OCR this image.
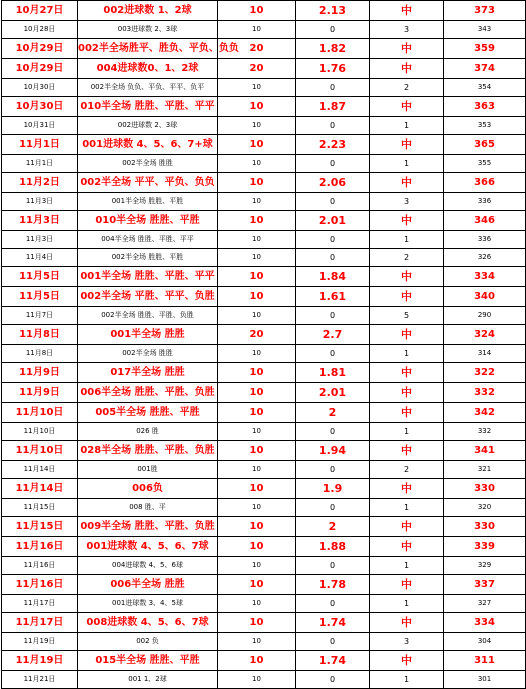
10月27日	002进球数 1、2球	10	2.13	中	373
10月28日	003进球数 2、3球	10	0	3	343
10月29日	002半全场胜平、胜负、平负、负负	20	1.82	中	359
10月29日	004进球数0、1、2球	20	1.76	中	374
10月30日	002半全场 负负、平负、平平、负平	10	0	2	354
10月30日	010半全场 胜胜、平胜、平平	10	1.87	中	363
10月31日	002进球数 2、3球	10	0	1	353
11月1日	001进球数 4、5、6、7+球	10	2.23	中	365
11月1日	002半全场 胜胜	10	0	1	355
11月2日	002半全场 平平、平负、负负	10	2.06	中	366
11月3日	001半全场 胜胜、平胜	10	0	3	336
11月3日	010半全场 胜胜、平胜	10	2.01	中	346
11月3日	004半全场 胜胜、平胜、平平	10	0	1	336
11月4日	002半全场 胜胜、平胜	10	0	2	326
11月5日	001半全场 胜胜、平胜、平平	10	1.84	中	334
11月5日	002半全场 平胜、平平、负胜	10	1.61	中	340
11月7日	002半全场 胜胜、平胜、负胜	10	0	5	290
11月8日	001半全场 胜胜	20	2.7	中	324
11月8日	002半全场 胜胜	10	0	1	314
11月9日	017半全场 胜胜	10	1.81	中	322
11月9日	006半全场 胜胜、平胜、负胜	10	2.01	中	332
11月10日	005半全场 胜胜、平胜	10	2	中	342
11月10日	026 胜	10	0	1	332
11月10日	028半全场 胜胜、平胜、负胜	10	1.94	中	341
11月14日	001胜	10	0	2	321
11月14日	006负	10	1.9	中	330
11月15日	008 胜、平	10	0	1	320
11月15日	009半全场 胜胜、平胜、负胜	10	2	中	330
11月16日	001进球数 4、5、6、7球	10	1.88	中	339
11月16日	004进球数 4、5、6球	10	0	1	329
11月16日	006半全场 胜胜	10	1.78	中	337
11月17日	001进球数 3、4、5球	10	0	1	327
11月17日	008进球数 4、5、6、7球	10	1.74	中	334
11月19日	002 负	10	0	3	304
11月19日	015半全场 胜胜、平胜	10	1.74	中	311
11月21日	001 1、2球	10	0	1	301
